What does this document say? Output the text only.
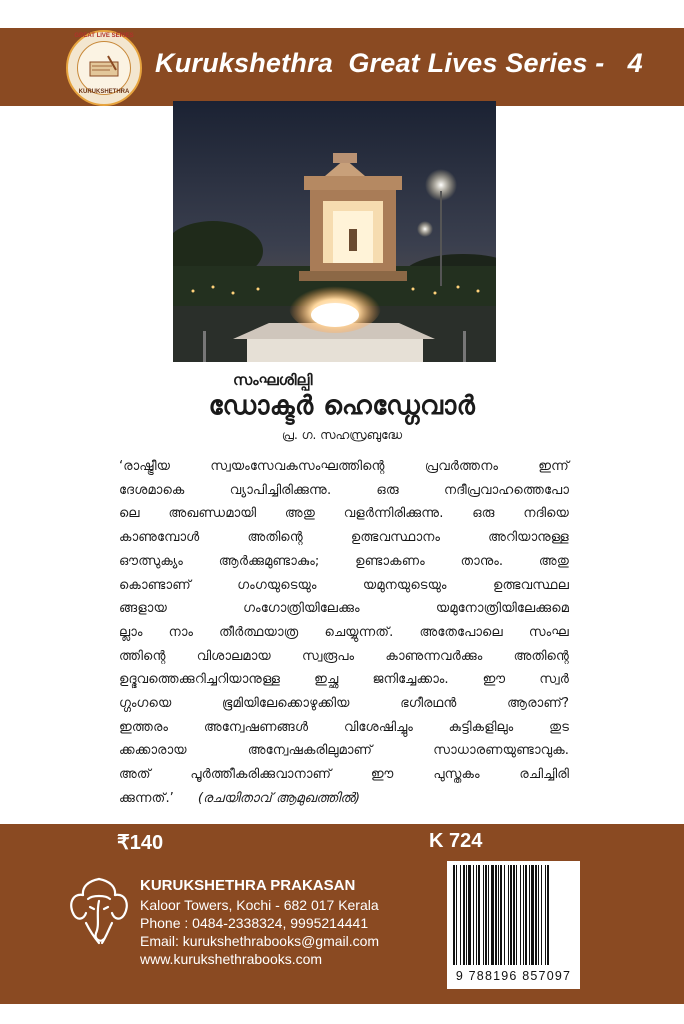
GREAT LIVE SERIES
KURUKSHETHRA
Kurukshethra  Great Lives Series -   4
സംഘശില്പി
ഡോക്ടർ ഹെഡ്ഗേവാർ
പ്ര. ഗ. സഹസ്രബുദ്ധേ

‘രാഷ്ട്രീയ സ്വയംസേവകസംഘത്തിന്റെ പ്രവർത്തനം ഇന്ന്

ദേശമാകെ വ്യാപിച്ചിരിക്കുന്നു. ഒരു നദീപ്രവാഹത്തെപോ

ലെ അഖണ്ഡമായി അതു വളർന്നിരിക്കുന്നു. ഒരു നദിയെ

കാണുമ്പോൾ അതിന്റെ ഉത്ഭവസ്ഥാനം അറിയാനുള്ള

ഔത്സുക്യം ആർക്കുമുണ്ടാകും; ഉണ്ടാകണം താനും. അതു

കൊണ്ടാണ് ഗംഗയുടെയും യമുനയുടെയും ഉത്ഭവസ്ഥല

ങ്ങളായ ഗംഗോത്രിയിലേക്കും യമുനോത്രിയിലേക്കുമെ

ല്ലാം നാം തീർത്ഥയാത്ര ചെയ്യുന്നത്. അതേപോലെ സംഘ

ത്തിന്റെ വിശാലമായ സ്വരൂപം കാണുന്നവർക്കും അതിന്റെ

ഉദ്ഭവത്തെക്കുറിച്ചറിയാനുള്ള ഇച്ഛ ജനിച്ചേക്കാം. ഈ സ്വർ

ഗ്ഗംഗയെ ഭൂമിയിലേക്കൊഴുക്കിയ ഭഗീരഥൻ ആരാണ്?

ഇത്തരം അന്വേഷണങ്ങൾ വിശേഷിച്ചും കുട്ടികളിലും തുട

ക്കക്കാരായ അന്വേഷകരിലുമാണ് സാധാരണയുണ്ടാവുക.

അത് പൂർത്തീകരിക്കുവാനാണ് ഈ പുസ്തകം രചിച്ചിരി

ക്കുന്നത്.’ (രചയിതാവ് ആമുഖത്തിൽ)

₹140	K 724
KURUKSHETHRA PRAKASAN
Kaloor Towers, Kochi - 682 017 Kerala
Phone : 0484-2338324, 9995214441
Email: kurukshethrabooks@gmail.com
www.kurukshethrabooks.com
9 788196 857097
